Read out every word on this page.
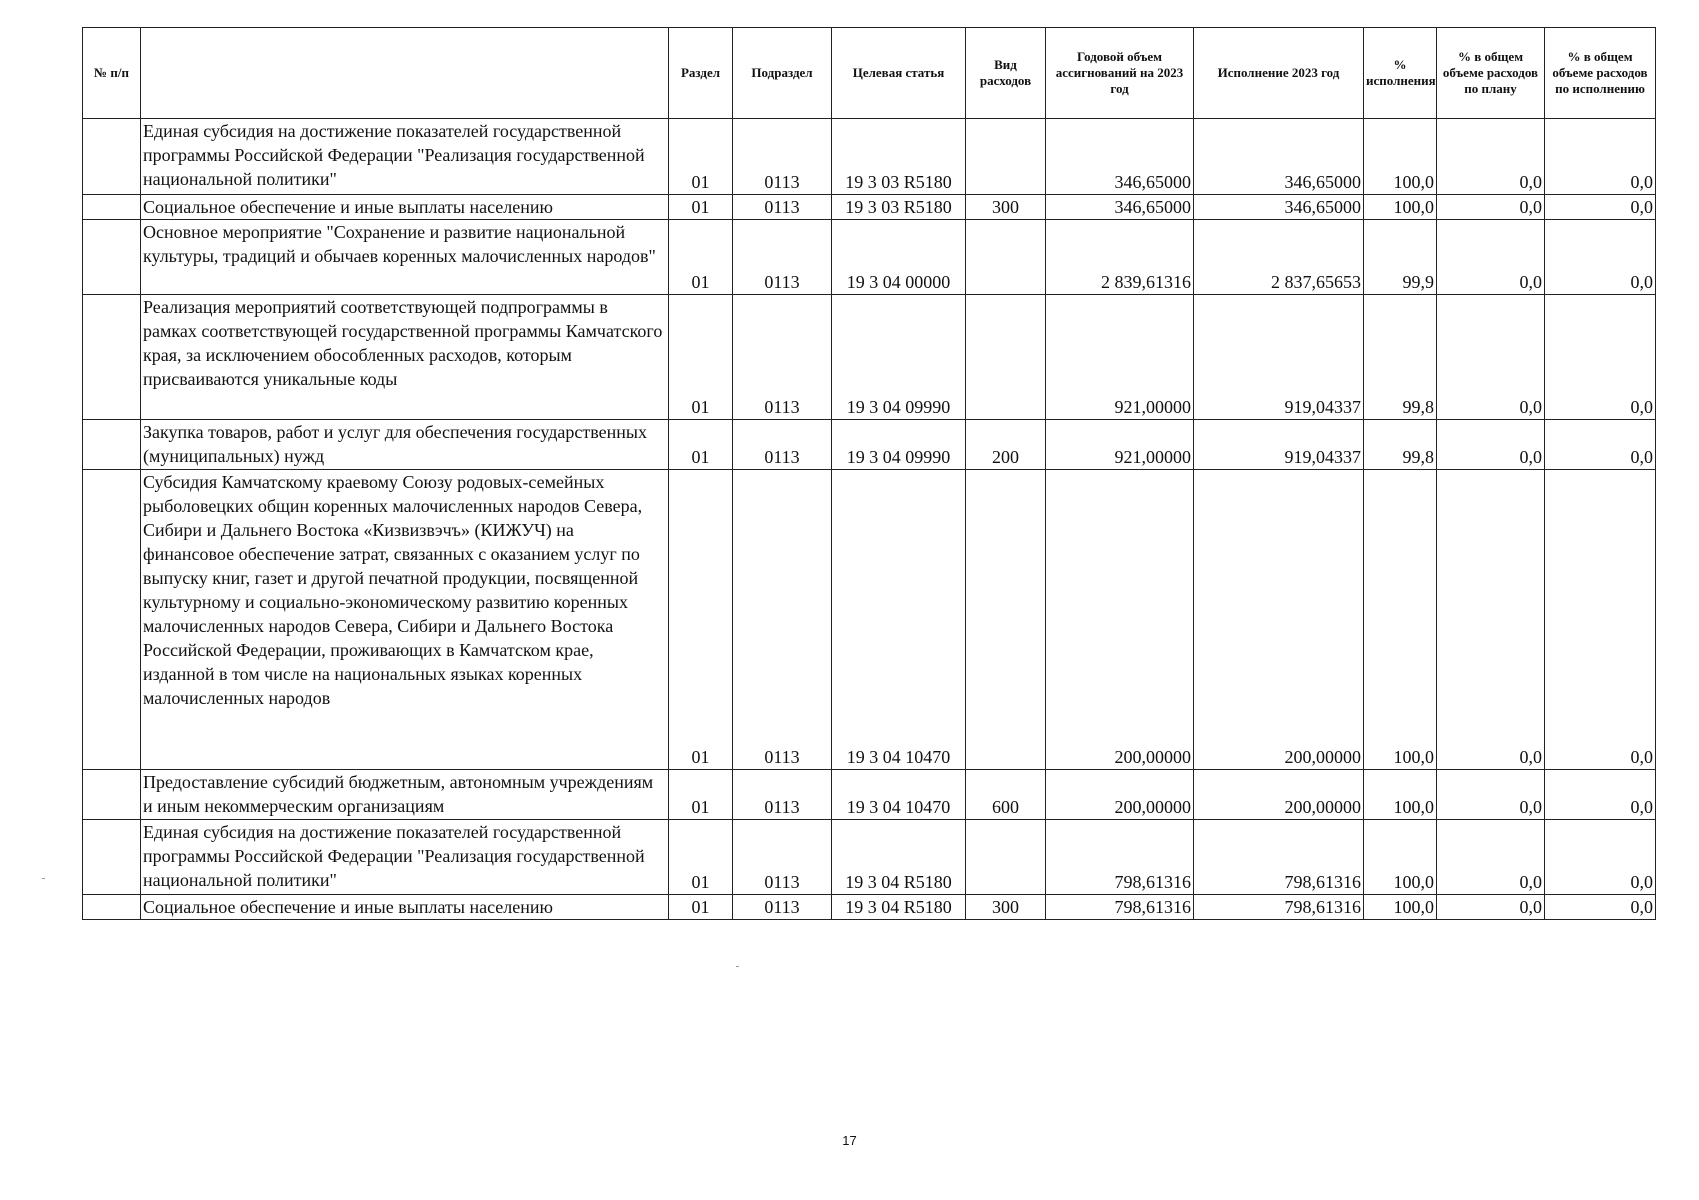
№ п/п		Раздел	Подраздел	Целевая статья	Вид расходов	Годовой объем ассигнований на 2023 год	Исполнение 2023 год	% исполнения	% в общем объеме расходов по плану	% в общем объеме расходов по исполнению
	Единая субсидия на достижение показателей государственной программы Российской Федерации "Реализация государственной национальной политики"	01	0113	19 3 03 R5180		346,65000	346,65000	100,0	0,0	0,0
	Социальное обеспечение и иные выплаты населению	01	0113	19 3 03 R5180	300	346,65000	346,65000	100,0	0,0	0,0
	Основное мероприятие "Сохранение и развитие национальной культуры, традиций и обычаев коренных малочисленных народов"	01	0113	19 3 04 00000		2 839,61316	2 837,65653	99,9	0,0	0,0
	Реализация мероприятий соответствующей подпрограммы в рамках соответствующей государственной программы Камчатского края, за исключением обособленных расходов, которым присваиваются уникальные коды	01	0113	19 3 04 09990		921,00000	919,04337	99,8	0,0	0,0
	Закупка товаров, работ и услуг для обеспечения государственных (муниципальных) нужд	01	0113	19 3 04 09990	200	921,00000	919,04337	99,8	0,0	0,0
	Субсидия Камчатскому краевому Союзу родовых-семейных рыболовецких общин коренных малочисленных народов Севера, Сибири и Дальнего Востока «Кизвизвэчъ» (КИЖУЧ) на финансовое обеспечение затрат, связанных с оказанием услуг по выпуску книг, газет и другой печатной продукции, посвященной культурному и социально-экономическому развитию коренных малочисленных народов Севера, Сибири и Дальнего Востока Российской Федерации, проживающих в Камчатском крае, изданной в том числе на национальных языках коренных малочисленных народов	01	0113	19 3 04 10470		200,00000	200,00000	100,0	0,0	0,0
	Предоставление субсидий бюджетным, автономным учреждениям и иным некоммерческим организациям	01	0113	19 3 04 10470	600	200,00000	200,00000	100,0	0,0	0,0
	Единая субсидия на достижение показателей государственной программы Российской Федерации "Реализация государственной национальной политики"	01	0113	19 3 04 R5180		798,61316	798,61316	100,0	0,0	0,0
	Социальное обеспечение и иные выплаты населению	01	0113	19 3 04 R5180	300	798,61316	798,61316	100,0	0,0	0,0
17
